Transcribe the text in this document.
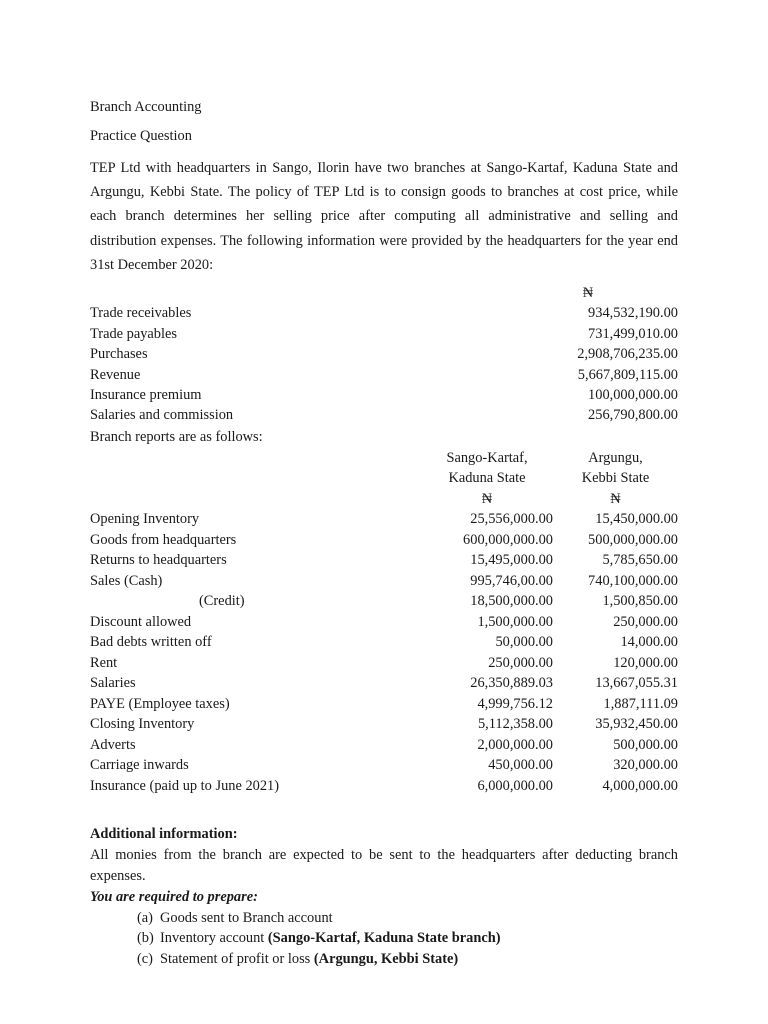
Branch Accounting

Practice Question

TEP Ltd with headquarters in Sango, Ilorin have two branches at Sango-Kartaf, Kaduna State and Argungu, Kebbi State. The policy of TEP Ltd is to consign goods to branches at cost price, while each branch determines her selling price after computing all administrative and selling and distribution expenses. The following information were provided by the headquarters for the year end 31st December 2020:

	₦
Trade receivables	934,532,190.00
Trade payables	731,499,010.00
Purchases	2,908,706,235.00
Revenue	5,667,809,115.00
Insurance premium	100,000,000.00
Salaries and commission	256,790,800.00

Branch reports are as follows:

	Sango-Kartaf,	Argungu,
	Kaduna State	Kebbi State
	₦	₦
Opening Inventory	25,556,000.00	15,450,000.00
Goods from headquarters	600,000,000.00	500,000,000.00
Returns to headquarters	15,495,000.00	5,785,650.00
Sales (Cash)	995,746,00.00	740,100,000.00
(Credit)	18,500,000.00	1,500,850.00
Discount allowed	1,500,000.00	250,000.00
Bad debts written off	50,000.00	14,000.00
Rent	250,000.00	120,000.00
Salaries	26,350,889.03	13,667,055.31
PAYE (Employee taxes)	4,999,756.12	1,887,111.09
Closing Inventory	5,112,358.00	35,932,450.00
Adverts	2,000,000.00	500,000.00
Carriage inwards	450,000.00	320,000.00
Insurance (paid up to June 2021)	6,000,000.00	4,000,000.00

Additional information:

All monies from the branch are expected to be sent to the headquarters after deducting branch expenses.

You are required to prepare:

(a) Goods sent to Branch account
(b) Inventory account (Sango-Kartaf, Kaduna State branch)
(c) Statement of profit or loss (Argungu, Kebbi State)
